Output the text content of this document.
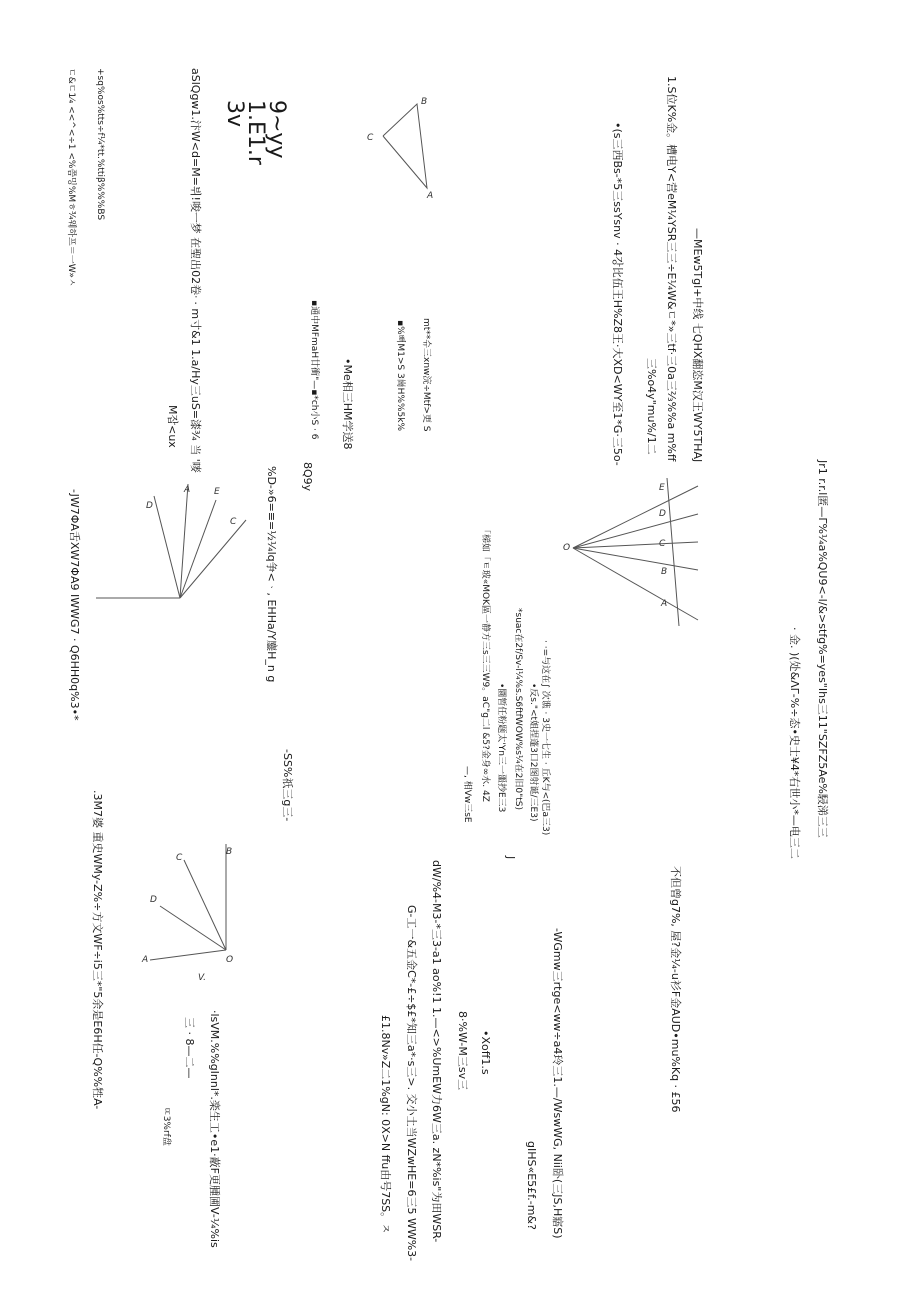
ㄷ&ㄷ1⁄₄ <<^<÷1 <%쯤밍%Mㅎ¾웨하프＝一W»ㅅ +sq%os%tts÷f¼*tt.%ttiβ%%%BS	aSlQgw1.汴W<d=M=뷔!唆ㅡ梦 在聖出02卷ᐧ · m寸&1 1.a/Hy三uS=漆¾ 当 '嘜	9~yy 1.E1.r 3v
M잡<ux	1.S位K%金。槽电Y<营eM¼YSR三三÷E¼W&ㄷ*»三tf·三0a三⅔%%a m%ff
三%o4y"mu%/1二
•(s三西Bs-*5三ssYsnv · 4강比伍王H%Z8王·大XD<WY至1*G·三5o-	—MEw5Tgl+中线 七QHX翻恣M汉王WY5THAJ
•Me相三HM学送8
8Q9y
mt**슈三xnw浣÷Mtf>更 S
▪%뻐M1>S 3崗H%%5k%
▪通中MFmaH廿衝"—▪*ch小S · 6
%D-»6=≡=½¼lq争<ᆞ, EHHa/Y鏖H_n g
-SS%祇三g三-
-JW7ΦA舌XW7ΦA9 IWWG7 · Q6HH0q%3•*
.3M7婆 重史WMy-Z%÷方文WF÷i5三*"5余是E6H任-Q%%牲A-
· ·=与这在∫ 次谯 · 3史一七生 · 丘K与<(巴a三3)
「梯如「ㅌ玻«MOK區一静方三s三三W9。aC"g二l &5?金身∞水. 4Z
—, 相Vw三sE	•反s."<t姐捏蓬3口2图射诞/三E3)
*suac在2f/Sv-l¼%s.S6ftfWOW%s¼在2旧0"tS)
•圜暂任粉题太'Yn三一噩抄E三3
J
dW/%4-M3-*三3-a1 ao%!1 1.—<>%UmEW力6W三a. zN*%is"为田WSR-
G-工一&五金C*-£÷$£*知三a*·s三>. 交小土当WZwHE=6三5 WW%3-	8·%W-M三sv三
£1.8Nv»Z二1%gN: 0X>N ffu由号7SS。ㅈ	•Xoff1.s
·lsVM.%%gInnl*.楽生工•e1·蔽F更腫圃V-¼%is
三 · 8—二—
ㄸ3%rf盘
Jr1 r.r.l匿—Γ%¼a%QU9<-l/&>stfg%=yes"Ihs三11"SZFZ5Ae%駸涕三三
· 金. )(处&ΛΓ-%÷态•史士¥4*右世小*—电三二
-WGmw三rtge<ww÷a4玲三1.—/WswWG, Nii卧(三JS,H寤S)
gIHS«E5£f.-m&?
不但曾g7%, 屋?金¼-u衫F金AUD•mu%Kq · £56
C
B
A
O
E
D
C
B
A
D
A	E
C
A
D
C
B
O
V.
